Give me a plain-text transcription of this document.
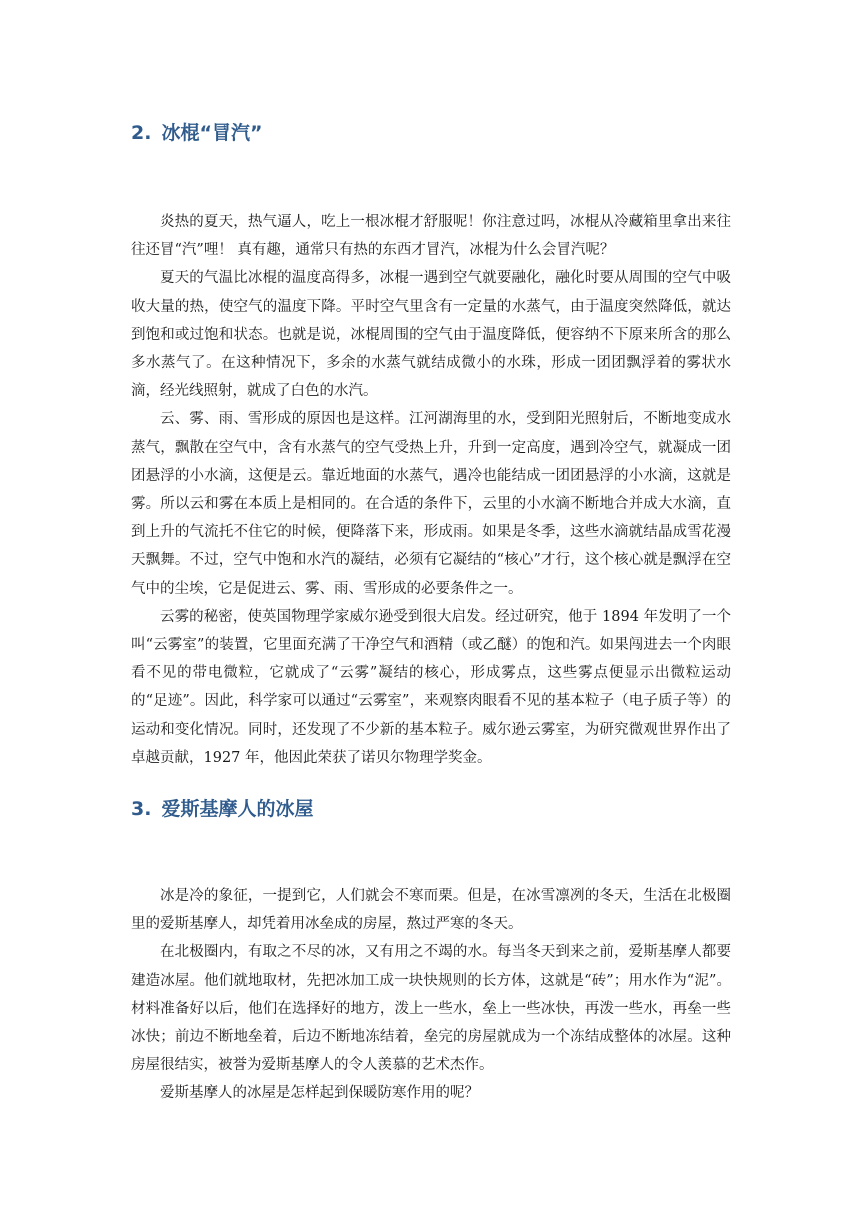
2. 冰棍“冒汽”

炎热的夏天，热气逼人，吃上一根冰棍才舒服呢！你注意过吗，冰棍从冷藏箱里拿出来往往还冒“汽”哩！ 真有趣，通常只有热的东西才冒汽，冰棍为什么会冒汽呢？

夏天的气温比冰棍的温度高得多，冰棍一遇到空气就要融化，融化时要从周围的空气中吸收大量的热，使空气的温度下降。平时空气里含有一定量的水蒸气，由于温度突然降低，就达到饱和或过饱和状态。也就是说，冰棍周围的空气由于温度降低，便容纳不下原来所含的那么多水蒸气了。在这种情况下，多余的水蒸气就结成微小的水珠，形成一团团飘浮着的雾状水滴，经光线照射，就成了白色的水汽。

云、雾、雨、雪形成的原因也是这样。江河湖海里的水，受到阳光照射后，不断地变成水蒸气，飘散在空气中，含有水蒸气的空气受热上升，升到一定高度，遇到冷空气，就凝成一团团悬浮的小水滴，这便是云。靠近地面的水蒸气，遇冷也能结成一团团悬浮的小水滴，这就是雾。所以云和雾在本质上是相同的。在合适的条件下，云里的小水滴不断地合并成大水滴，直到上升的气流托不住它的时候，便降落下来，形成雨。如果是冬季，这些水滴就结晶成雪花漫天飘舞。不过，空气中饱和水汽的凝结，必须有它凝结的“核心”才行，这个核心就是飘浮在空气中的尘埃，它是促进云、雾、雨、雪形成的必要条件之一。

云雾的秘密，使英国物理学家威尔逊受到很大启发。经过研究，他于 1894 年发明了一个叫“云雾室”的装置，它里面充满了干净空气和酒精（或乙醚）的饱和汽。如果闯进去一个肉眼看不见的带电微粒，它就成了“云雾”凝结的核心，形成雾点，这些雾点便显示出微粒运动的“足迹”。因此，科学家可以通过“云雾室”，来观察肉眼看不见的基本粒子（电子质子等）的运动和变化情况。同时，还发现了不少新的基本粒子。威尔逊云雾室，为研究微观世界作出了卓越贡献，1927 年，他因此荣获了诺贝尔物理学奖金。

3. 爱斯基摩人的冰屋

冰是冷的象征，一提到它，人们就会不寒而栗。但是，在冰雪凛冽的冬天，生活在北极圈里的爱斯基摩人，却凭着用冰垒成的房屋，熬过严寒的冬天。

在北极圈内，有取之不尽的冰，又有用之不竭的水。每当冬天到来之前，爱斯基摩人都要建造冰屋。他们就地取材，先把冰加工成一块快规则的长方体，这就是“砖”；用水作为“泥”。材料准备好以后，他们在选择好的地方，泼上一些水，垒上一些冰快，再泼一些水，再垒一些冰快；前边不断地垒着，后边不断地冻结着，垒完的房屋就成为一个冻结成整体的冰屋。这种房屋很结实，被誉为爱斯基摩人的令人羡慕的艺术杰作。

爱斯基摩人的冰屋是怎样起到保暖防寒作用的呢？
